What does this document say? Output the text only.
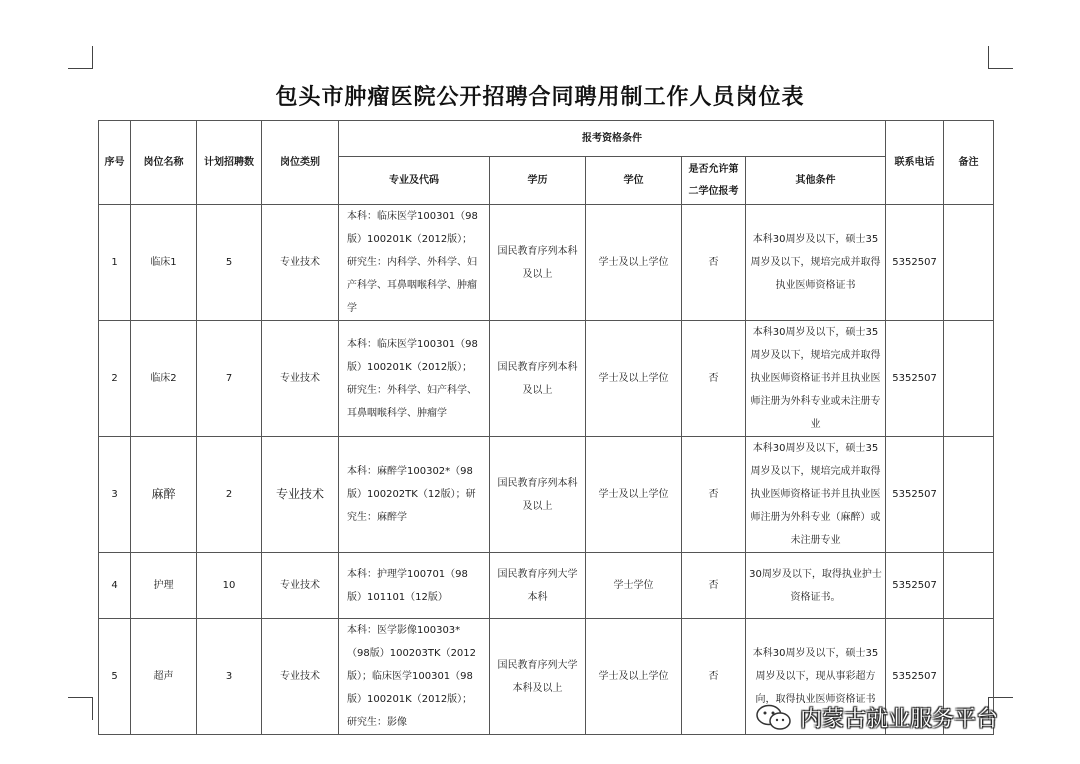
包头市肿瘤医院公开招聘合同聘用制工作人员岗位表
序号	岗位名称	计划招聘数	岗位类别	报考资格条件					联系电话	备注
				专业及代码	学历	学位	是否允许第二学位报考	其他条件		
1	临床1	5	专业技术	本科：临床医学100301（98版）100201K（2012版）；研究生：内科学、外科学、妇产科学、耳鼻咽喉科学、肿瘤学	国民教育序列本科及以上	学士及以上学位	否	本科30周岁及以下，硕士35周岁及以下，规培完成并取得执业医师资格证书	5352507	
2	临床2	7	专业技术	本科：临床医学100301（98版）100201K（2012版）；研究生：外科学、妇产科学、耳鼻咽喉科学、肿瘤学	国民教育序列本科及以上	学士及以上学位	否	本科30周岁及以下，硕士35周岁及以下，规培完成并取得执业医师资格证书并且执业医师注册为外科专业或未注册专业	5352507	
3	麻醉	2	专业技术	本科：麻醉学100302*（98版）100202TK（12版）；研究生：麻醉学	国民教育序列本科及以上	学士及以上学位	否	本科30周岁及以下，硕士35周岁及以下，规培完成并取得执业医师资格证书并且执业医师注册为外科专业（麻醉）或未注册专业	5352507	
4	护理	10	专业技术	本科：护理学100701（98版）101101（12版）	国民教育序列大学本科	学士学位	否	30周岁及以下，取得执业护士资格证书。	5352507	
5	超声	3	专业技术	本科：医学影像100303*（98版）100203TK（2012版）；临床医学100301（98版）100201K（2012版）；研究生：影像	国民教育序列大学本科及以上	学士及以上学位	否	本科30周岁及以下，硕士35周岁及以下，现从事彩超方向，取得执业医师资格证书	5352507	
内蒙古就业服务平台
